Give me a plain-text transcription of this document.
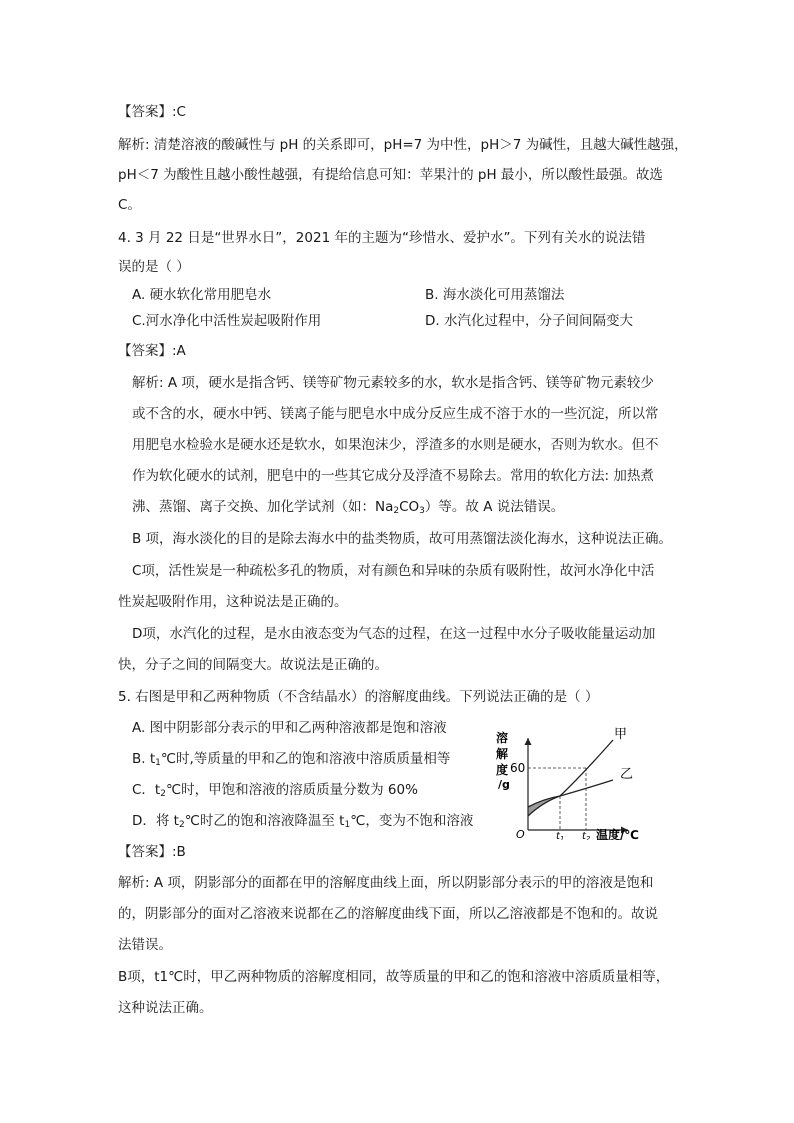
【答案】:C
解析: 清楚溶液的酸碱性与 pH 的关系即可，pH=7 为中性，pH＞7 为碱性，且越大碱性越强，
pH＜7 为酸性且越小酸性越强，有提给信息可知：苹果汁的 pH 最小，所以酸性最强。故选
C。
4. 3 月 22 日是“世界水日”，2021 年的主题为“珍惜水、爱护水”。下列有关水的说法错
误的是（ ）
A. 硬水软化常用肥皂水	B. 海水淡化可用蒸馏法
C.河水净化中活性炭起吸附作用	D. 水汽化过程中，分子间间隔变大
【答案】:A
解析: A 项，硬水是指含钙、镁等矿物元素较多的水，软水是指含钙、镁等矿物元素较少
或不含的水，硬水中钙、镁离子能与肥皂水中成分反应生成不溶于水的一些沉淀，所以常
用肥皂水检验水是硬水还是软水，如果泡沫少，浮渣多的水则是硬水，否则为软水。但不
作为软化硬水的试剂，肥皂中的一些其它成分及浮渣不易除去。常用的软化方法: 加热煮
沸、蒸馏、离子交换、加化学试剂（如：$Na_2CO_3$）等。故 A 说法错误。
B 项，海水淡化的目的是除去海水中的盐类物质，故可用蒸馏法淡化海水，这种说法正确。
C项，活性炭是一种疏松多孔的物质，对有颜色和异味的杂质有吸附性，故河水净化中活
性炭起吸附作用，这种说法是正确的。
D项，水汽化的过程，是水由液态变为气态的过程，在这一过程中水分子吸收能量运动加
快，分子之间的间隔变大。故说法是正确的。
5. 右图是甲和乙两种物质（不含结晶水）的溶解度曲线。下列说法正确的是（ ）
A. 图中阴影部分表示的甲和乙两种溶液都是饱和溶液
B. $t_1℃$时,等质量的甲和乙的饱和溶液中溶质质量相等
C．$t_2℃$时，甲饱和溶液的溶质质量分数为 60%
D．将 $t_2℃$时乙的饱和溶液降温至 $t_1℃$，变为不饱和溶液
溶
解
度
/g
60
O	$t_1$ $t_2$ 温度/℃
甲
乙
【答案】:B
解析: A 项，阴影部分的面都在甲的溶解度曲线上面，所以阴影部分表示的甲的溶液是饱和
的，阴影部分的面对乙溶液来说都在乙的溶解度曲线下面，所以乙溶液都是不饱和的。故说
法错误。
B项，t1℃时，甲乙两种物质的溶解度相同，故等质量的甲和乙的饱和溶液中溶质质量相等，
这种说法正确。
